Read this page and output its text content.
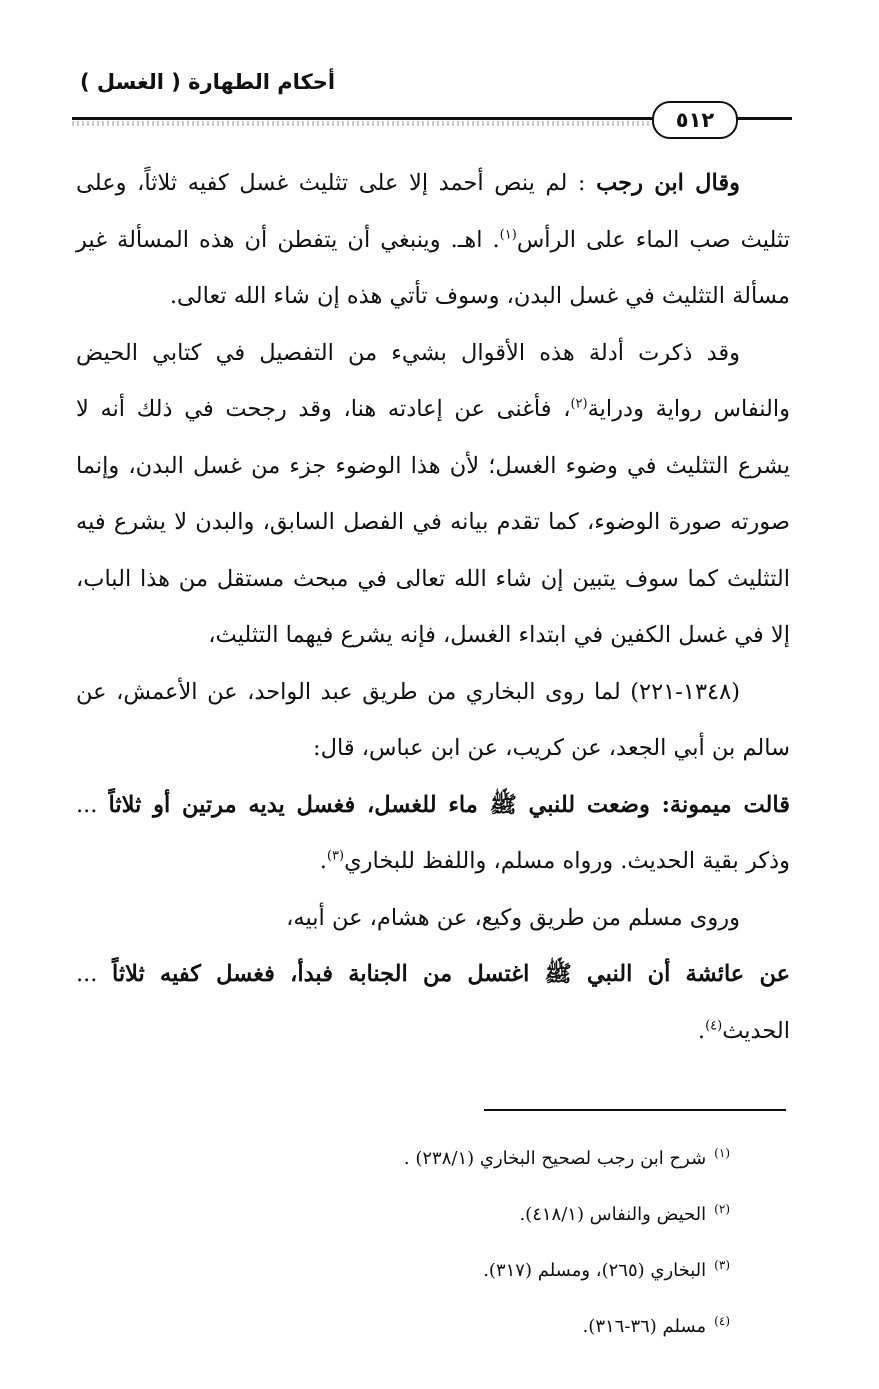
أحكام الطهارة ( الغسل )
٥١٢

وقال ابن رجب : لم ينص أحمد إلا على تثليث غسل كفيه ثلاثاً، وعلى تثليث صب الماء على الرأس$^{(١)}$. اهـ. وينبغي أن يتفطن أن هذه المسألة غير مسألة التثليث في غسل البدن، وسوف تأتي هذه إن شاء الله تعالى.

وقد ذكرت أدلة هذه الأقوال بشيء من التفصيل في كتابي الحيض والنفاس رواية ودراية$^{(٢)}$، فأغنى عن إعادته هنا، وقد رجحت في ذلك أنه لا يشرع التثليث في وضوء الغسل؛ لأن هذا الوضوء جزء من غسل البدن، وإنما صورته صورة الوضوء، كما تقدم بيانه في الفصل السابق، والبدن لا يشرع فيه التثليث كما سوف يتبين إن شاء الله تعالى في مبحث مستقل من هذا الباب، إلا في غسل الكفين في ابتداء الغسل، فإنه يشرع فيهما التثليث،

(١٣٤٨-٢٢١) لما روى البخاري من طريق عبد الواحد، عن الأعمش، عن سالم بن أبي الجعد، عن كريب، عن ابن عباس، قال:

قالت ميمونة: وضعت للنبي ﷺ ماء للغسل، فغسل يديه مرتين أو ثلاثاً ... وذكر بقية الحديث. ورواه مسلم، واللفظ للبخاري$^{(٣)}$.

وروى مسلم من طريق وكيع، عن هشام، عن أبيه،

عن عائشة أن النبي ﷺ اغتسل من الجنابة فبدأ، فغسل كفيه ثلاثاً ... الحديث$^{(٤)}$.

$^{(١)}$شرح ابن رجب لصحيح البخاري (٢٣٨/١) .
$^{(٢)}$الحيض والنفاس (٤١٨/١).
$^{(٣)}$البخاري (٢٦٥)، ومسلم (٣١٧).
$^{(٤)}$مسلم (٣٦-٣١٦).
